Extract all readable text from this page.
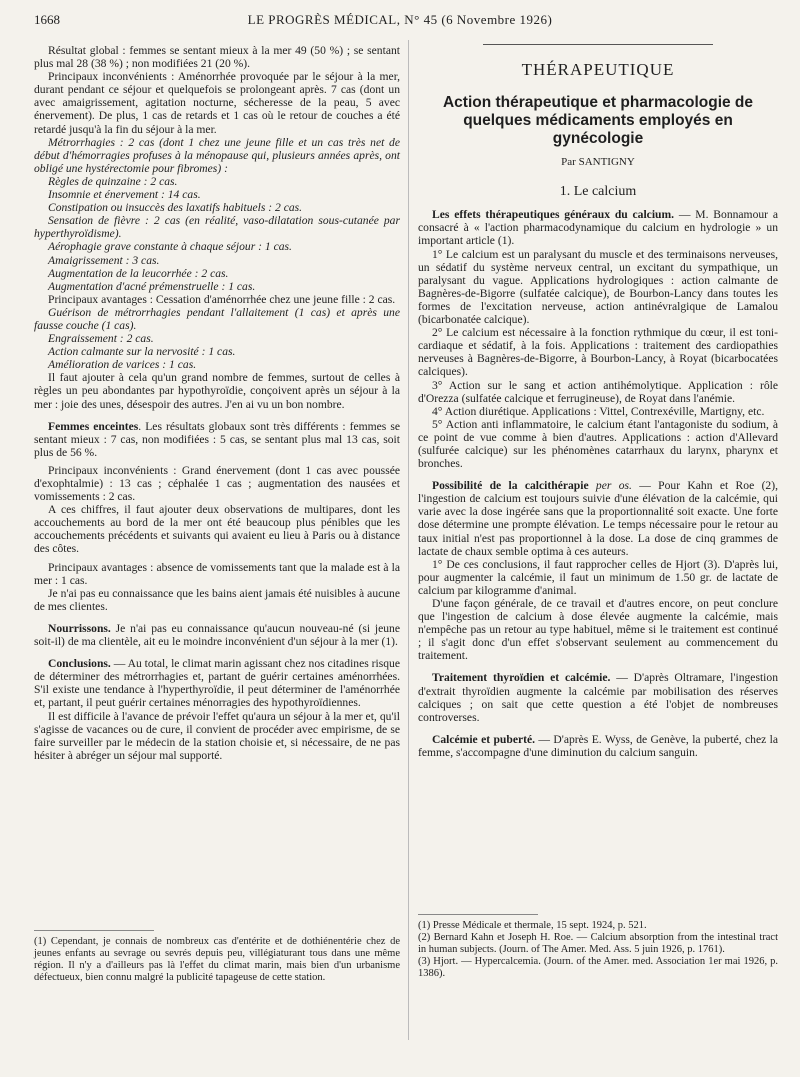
1668	LE PROGRÈS MÉDICAL, N° 45 (6 Novembre 1926)

Résultat global : femmes se sentant mieux à la mer 49 (50 %) ; se sentant plus mal 28 (38 %) ; non modifiées 21 (20 %).

Principaux inconvénients : Aménorrhée provoquée par le séjour à la mer, durant pendant ce séjour et quelquefois se prolongeant après. 7 cas (dont un avec amaigrissement, agitation nocturne, sécheresse de la peau, 5 avec énervement). De plus, 1 cas de retards et 1 cas où le retour de couches a été retardé jusqu'à la fin du séjour à la mer.

Métrorrhagies : 2 cas (dont 1 chez une jeune fille et un cas très net de début d'hémorragies profuses à la ménopause qui, plusieurs années après, ont obligé une hystérectomie pour fibromes) :

Règles de quinzaine : 2 cas.

Insomnie et énervement : 14 cas.

Constipation ou insuccès des laxatifs habituels : 2 cas.

Sensation de fièvre : 2 cas (en réalité, vaso-dilatation sous-cutanée par hyperthyroïdisme).

Aérophagie grave constante à chaque séjour : 1 cas.

Amaigrissement : 3 cas.

Augmentation de la leucorrhée : 2 cas.

Augmentation d'acné prémenstruelle : 1 cas.

Principaux avantages : Cessation d'aménorrhée chez une jeune fille : 2 cas.

Guérison de métrorrhagies pendant l'allaitement (1 cas) et après une fausse couche (1 cas).

Engraissement : 2 cas.

Action calmante sur la nervosité : 1 cas.

Amélioration de varices : 1 cas.

Il faut ajouter à cela qu'un grand nombre de femmes, surtout de celles à règles un peu abondantes par hypothyroïdie, conçoivent après un séjour à la mer : joie des unes, désespoir des autres. J'en ai vu un bon nombre.

Femmes enceintes. Les résultats globaux sont très différents : femmes se sentant mieux : 7 cas, non modifiées : 5 cas, se sentant plus mal 13 cas, soit plus de 56 %.

Principaux inconvénients : Grand énervement (dont 1 cas avec poussée d'exophtalmie) : 13 cas ; céphalée 1 cas ; augmentation des nausées et vomissements : 2 cas.

A ces chiffres, il faut ajouter deux observations de multipares, dont les accouchements au bord de la mer ont été beaucoup plus pénibles que les accouchements précédents et suivants qui avaient eu lieu à Paris ou à distance des côtes.

Principaux avantages : absence de vomissements tant que la malade est à la mer : 1 cas.

Je n'ai pas eu connaissance que les bains aient jamais été nuisibles à aucune de mes clientes.

Nourrissons. Je n'ai pas eu connaissance qu'aucun nouveau-né (si jeune soit-il) de ma clientèle, ait eu le moindre inconvénient d'un séjour à la mer (1).

Conclusions. — Au total, le climat marin agissant chez nos citadines risque de déterminer des métrorrhagies et, partant de guérir certaines aménorrhées. S'il existe une tendance à l'hyperthyroïdie, il peut déterminer de l'aménorrhée et, partant, il peut guérir certaines ménorragies des hypothyroïdiennes.

Il est difficile à l'avance de prévoir l'effet qu'aura un séjour à la mer et, qu'il s'agisse de vacances ou de cure, il convient de procéder avec empirisme, de se faire surveiller par le médecin de la station choisie et, si nécessaire, de ne pas hésiter à abréger un séjour mal supporté.

(1) Cependant, je connais de nombreux cas d'entérite et de dothiénentérie chez de jeunes enfants au sevrage ou sevrés depuis peu, villégiaturant tous dans une même région. Il n'y a d'ailleurs pas là l'effet du climat marin, mais bien d'un urbanisme défectueux, bien connu malgré la publicité tapageuse de cette station.
THÉRAPEUTIQUE
Action thérapeutique et pharmacologie de quelques médicaments employés en gynécologie
Par SANTIGNY
1. Le calcium

Les effets thérapeutiques généraux du calcium. — M. Bonnamour a consacré à « l'action pharmacodynamique du calcium en hydrologie » un important article (1).

1° Le calcium est un paralysant du muscle et des terminaisons nerveuses, un sédatif du système nerveux central, un excitant du sympathique, un paralysant du vague. Applications hydrologiques : action calmante de Bagnères-de-Bigorre (sulfatée calcique), de Bourbon-Lancy dans toutes les formes de l'excitation nerveuse, action antinévralgique de Lamalou (bicarbonatée calcique).

2° Le calcium est nécessaire à la fonction rythmique du cœur, il est toni-cardiaque et sédatif, à la fois. Applications : traitement des cardiopathies nerveuses à Bagnères-de-Bigorre, à Bourbon-Lancy, à Royat (bicarbocatées calciques).

3° Action sur le sang et action antihémolytique. Application : rôle d'Orezza (sulfatée calcique et ferrugineuse), de Royat dans l'anémie.

4° Action diurétique. Applications : Vittel, Contrexéville, Martigny, etc.

5° Action anti inflammatoire, le calcium étant l'antagoniste du sodium, à ce point de vue comme à bien d'autres. Applications : action d'Allevard (sulfurée calcique) sur les phénomènes catarrhaux du larynx, pharynx et bronches.

Possibilité de la calcithérapie per os. — Pour Kahn et Roe (2), l'ingestion de calcium est toujours suivie d'une élévation de la calcémie, qui varie avec la dose ingérée sans que la proportionnalité soit exacte. Une forte dose détermine une prompte élévation. Le temps nécessaire pour le retour au taux initial n'est pas proportionnel à la dose. La dose de cinq grammes de lactate de chaux semble optima à ces auteurs.

1° De ces conclusions, il faut rapprocher celles de Hjort (3). D'après lui, pour augmenter la calcémie, il faut un minimum de 1.50 gr. de lactate de calcium par kilogramme d'animal.

D'une façon générale, de ce travail et d'autres encore, on peut conclure que l'ingestion de calcium à dose élevée augmente la calcémie, mais n'empêche pas un retour au type habituel, même si le traitement est continué ; il s'agit donc d'un effet s'observant seulement au commencement du traitement.

Traitement thyroïdien et calcémie. — D'après Oltramare, l'ingestion d'extrait thyroïdien augmente la calcémie par mobilisation des réserves calciques ; on sait que cette question a été l'objet de nombreuses controverses.

Calcémie et puberté. — D'après E. Wyss, de Genève, la puberté, chez la femme, s'accompagne d'une diminution du calcium sanguin.

(1) Presse Médicale et thermale, 15 sept. 1924, p. 521.

(2) Bernard Kahn et Joseph H. Roe. — Calcium absorption from the intestinal tract in human subjects. (Journ. of The Amer. Med. Ass. 5 juin 1926, p. 1761).

(3) Hjort. — Hypercalcemia. (Journ. of the Amer. med. Association 1er mai 1926, p. 1386).
